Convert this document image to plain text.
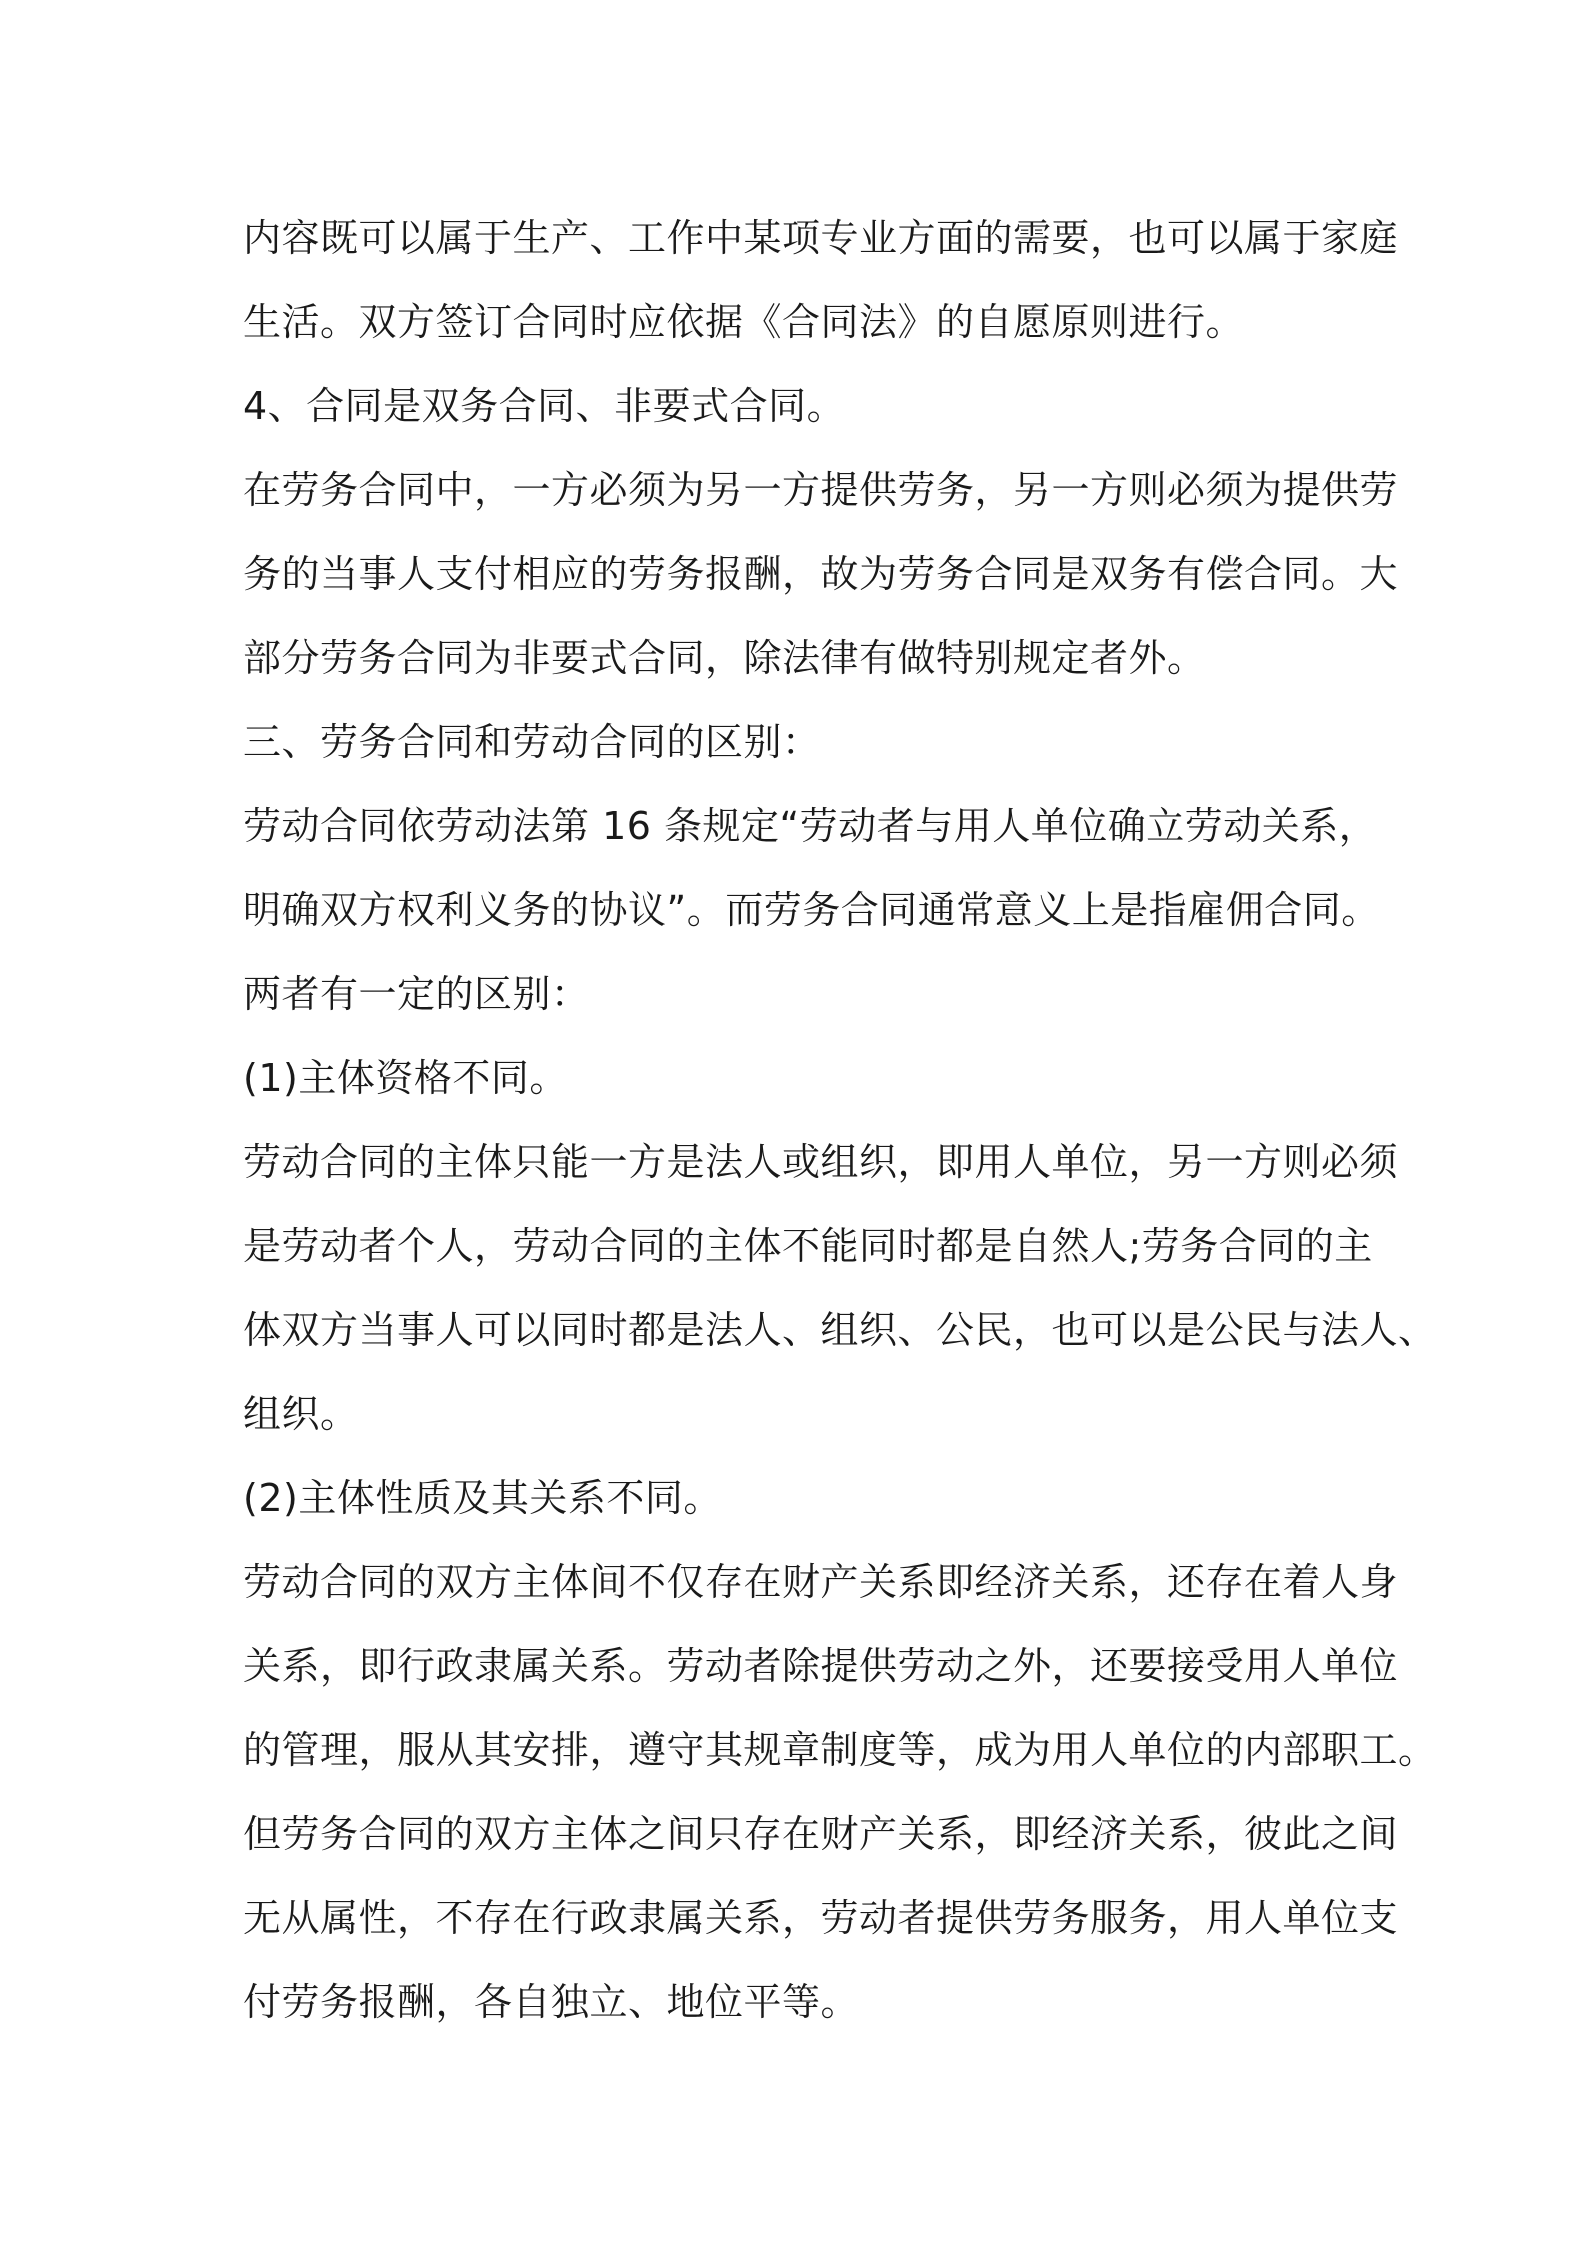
内容既可以属于生产、工作中某项专业方面的需要，也可以属于家庭
生活。双方签订合同时应依据《合同法》的自愿原则进行。
4、合同是双务合同、非要式合同。
在劳务合同中，一方必须为另一方提供劳务，另一方则必须为提供劳
务的当事人支付相应的劳务报酬，故为劳务合同是双务有偿合同。大
部分劳务合同为非要式合同，除法律有做特别规定者外。
三、劳务合同和劳动合同的区别：
劳动合同依劳动法第 16 条规定“劳动者与用人单位确立劳动关系，
明确双方权利义务的协议”。而劳务合同通常意义上是指雇佣合同。
两者有一定的区别：
(1)主体资格不同。
劳动合同的主体只能一方是法人或组织，即用人单位，另一方则必须
是劳动者个人，劳动合同的主体不能同时都是自然人;劳务合同的主
体双方当事人可以同时都是法人、组织、公民，也可以是公民与法人、
组织。
(2)主体性质及其关系不同。
劳动合同的双方主体间不仅存在财产关系即经济关系，还存在着人身
关系，即行政隶属关系。劳动者除提供劳动之外，还要接受用人单位
的管理，服从其安排，遵守其规章制度等，成为用人单位的内部职工。
但劳务合同的双方主体之间只存在财产关系，即经济关系，彼此之间
无从属性，不存在行政隶属关系，劳动者提供劳务服务，用人单位支
付劳务报酬，各自独立、地位平等。
